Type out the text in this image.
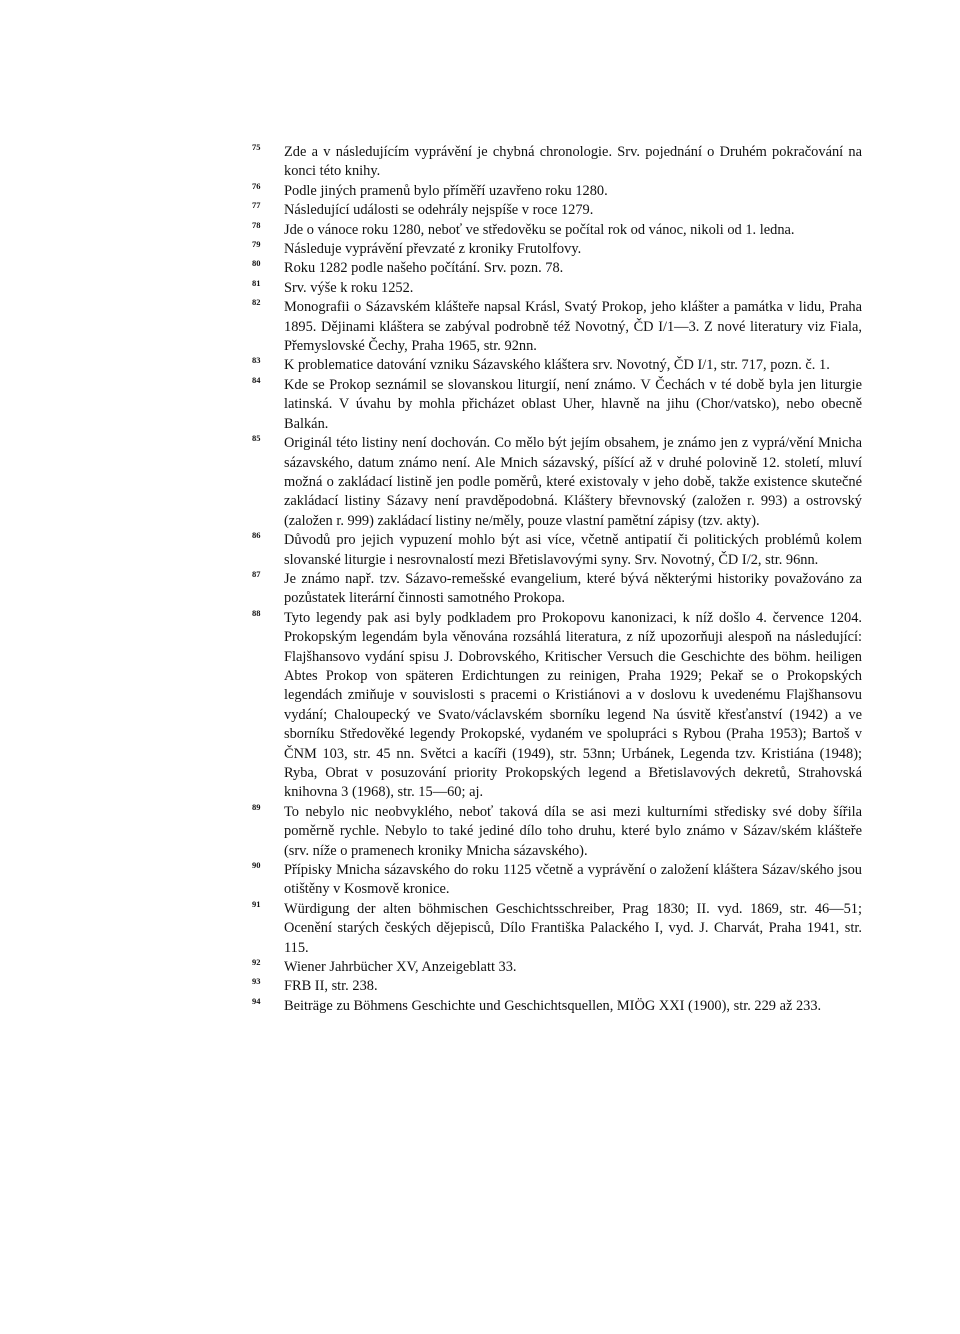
75	Zde a v následujícím vyprávění je chybná chronologie. Srv. pojednání o Druhém pokračování na konci této knihy.

76	Podle jiných pramenů bylo příměří uzavřeno roku 1280.

77	Následující události se odehrály nejspíše v roce 1279.

78	Jde o vánoce roku 1280, neboť ve středověku se počítal rok od vánoc, nikoli od 1. ledna.

79	Následuje vyprávění převzaté z kroniky Frutolfovy.

80	Roku 1282 podle našeho počítání. Srv. pozn. 78.

81	Srv. výše k roku 1252.

82	Monografii o Sázavském klášteře napsal Krásl, Svatý Prokop, jeho klášter a památka v lidu, Praha 1895. Dějinami kláštera se zabýval podrobně též Novotný, ČD I/1—3. Z nové literatury viz Fiala, Přemyslovské Čechy, Praha 1965, str. 92nn.

83	K problematice datování vzniku Sázavského kláštera srv. Novotný, ČD I/1, str. 717, pozn. č. 1.

84	Kde se Prokop seznámil se slovanskou liturgií, není známo. V Čechách v té době byla jen liturgie latinská. V úvahu by mohla přicházet oblast Uher, hlavně na jihu (Chor/vatsko), nebo obecně Balkán.

85	Originál této listiny není dochován. Co mělo být jejím obsahem, je známo jen z vyprá/vění Mnicha sázavského, datum známo není. Ale Mnich sázavský, píšící až v druhé polovině 12. století, mluví možná o zakládací listině jen podle poměrů, které existovaly v jeho době, takže existence skutečné zakládací listiny Sázavy není pravděpodobná. Kláštery břevnovský (založen r. 993) a ostrovský (založen r. 999) zakládací listiny ne/měly, pouze vlastní pamětní zápisy (tzv. akty).

86	Důvodů pro jejich vypuzení mohlo být asi více, včetně antipatií či politických problémů kolem slovanské liturgie i nesrovnalostí mezi Břetislavovými syny. Srv. Novotný, ČD I/2, str. 96nn.

87	Je známo např. tzv. Sázavo-remešské evangelium, které bývá některými historiky považováno za pozůstatek literární činnosti samotného Prokopa.

88	Tyto legendy pak asi byly podkladem pro Prokopovu kanonizaci, k níž došlo 4. července 1204. Prokopským legendám byla věnována rozsáhlá literatura, z níž upozorňuji alespoň na následující: Flajšhansovo vydání spisu J. Dobrovského, Kritischer Versuch die Geschichte des böhm. heiligen Abtes Prokop von späteren Erdichtungen zu reinigen, Praha 1929; Pekař se o Prokopských legendách zmiňuje v souvislosti s pracemi o Kristiánovi a v doslovu k uvedenému Flajšhansovu vydání; Chaloupecký ve Svato/václavském sborníku legend Na úsvitě křesťanství (1942) a ve sborníku Středověké legendy Prokopské, vydaném ve spolupráci s Rybou (Praha 1953); Bartoš v ČNM 103, str. 45 nn. Světci a kacíři (1949), str. 53nn; Urbánek, Legenda tzv. Kristiána (1948); Ryba, Obrat v posuzování priority Prokopských legend a Břetislavových dekretů, Strahovská knihovna 3 (1968), str. 15—60; aj.

89	To nebylo nic neobvyklého, neboť taková díla se asi mezi kulturními středisky své doby šířila poměrně rychle. Nebylo to také jediné dílo toho druhu, které bylo známo v Sázav/ském klášteře (srv. níže o pramenech kroniky Mnicha sázavského).

90	Přípisky Mnicha sázavského do roku 1125 včetně a vyprávění o založení kláštera Sázav/ského jsou otištěny v Kosmově kronice.

91	Würdigung der alten böhmischen Geschichtsschreiber, Prag 1830; II. vyd. 1869, str. 46—51; Ocenění starých českých dějepisců, Dílo Františka Palackého I, vyd. J. Charvát, Praha 1941, str. 115.

92	Wiener Jahrbücher XV, Anzeigeblatt 33.

93	FRB II, str. 238.

94	Beiträge zu Böhmens Geschichte und Geschichtsquellen, MIÖG XXI (1900), str. 229 až 233.
